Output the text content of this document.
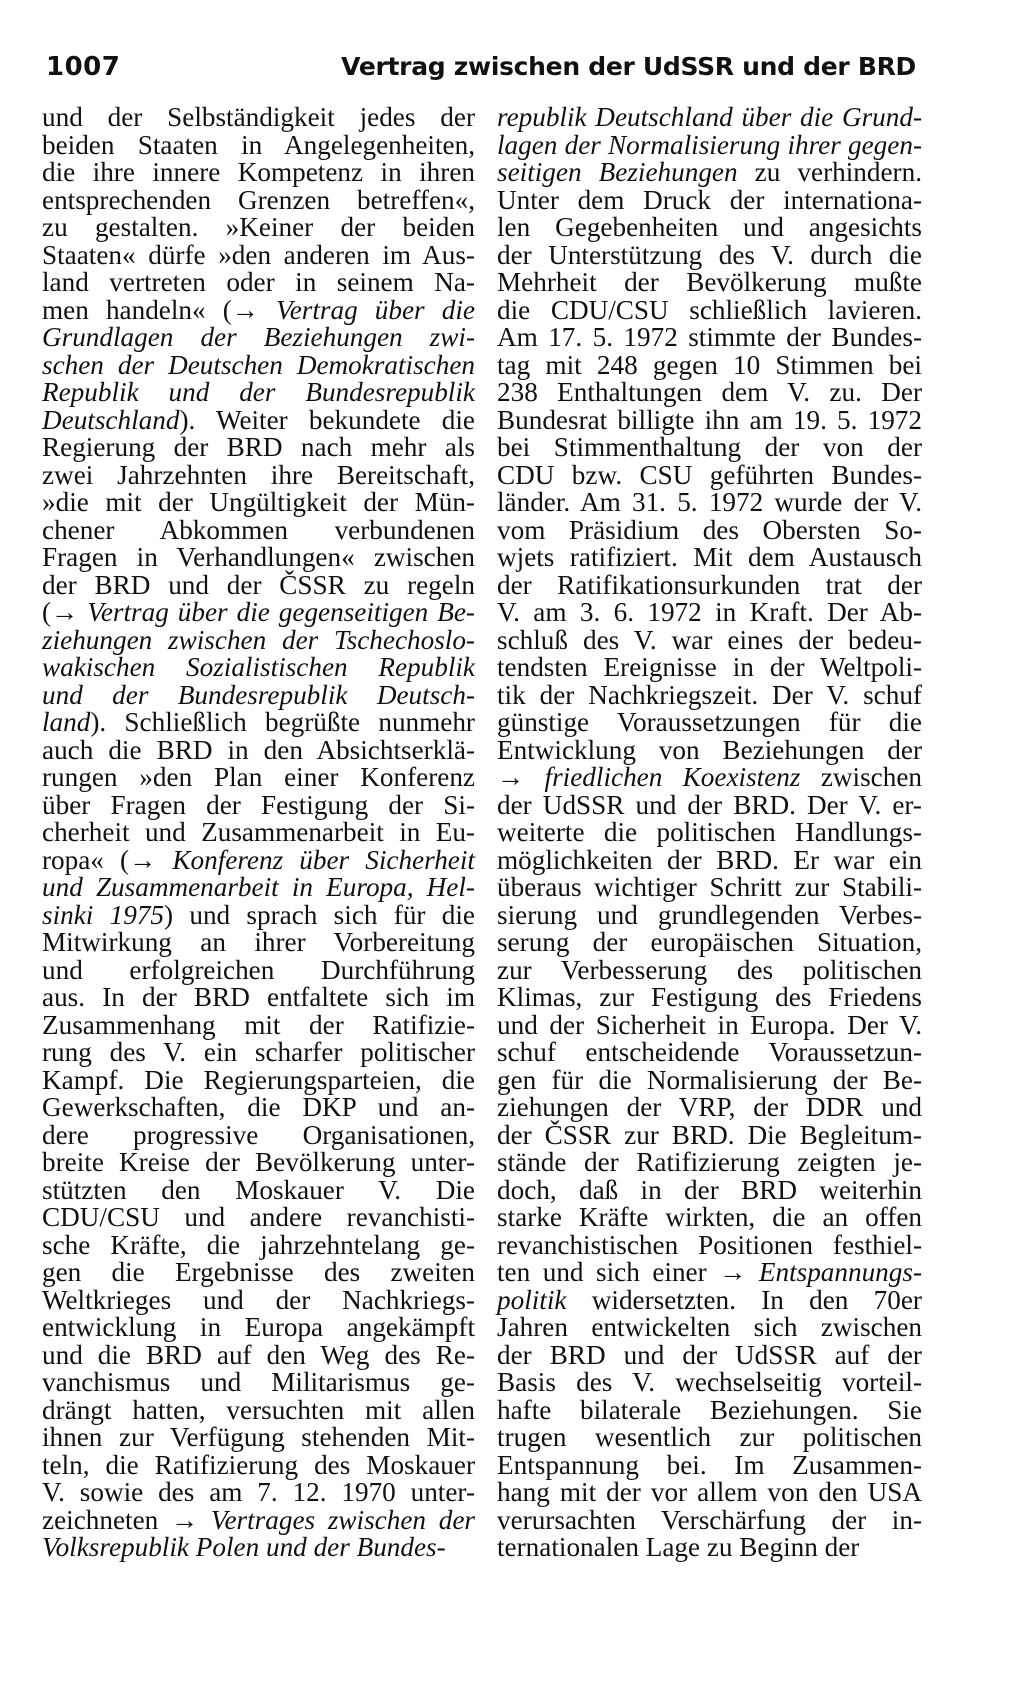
1007	Vertrag zwischen der UdSSR und der BRD
und der Selbständigkeit jedes der
beiden Staaten in Angelegenheiten,
die ihre innere Kompetenz in ihren
entsprechenden Grenzen betreffen«,
zu gestalten. »Keiner der beiden
Staaten« dürfe »den anderen im Aus-
land vertreten oder in seinem Na-
men handeln« (→ Vertrag über die
Grundlagen der Beziehungen zwi-
schen der Deutschen Demokratischen
Republik und der Bundesrepublik
Deutschland). Weiter bekundete die
Regierung der BRD nach mehr als
zwei Jahrzehnten ihre Bereitschaft,
»die mit der Ungültigkeit der Mün-
chener Abkommen verbundenen
Fragen in Verhandlungen« zwischen
der BRD und der ČSSR zu regeln
(→ Vertrag über die gegenseitigen Be-
ziehungen zwischen der Tschechoslo-
wakischen Sozialistischen Republik
und der Bundesrepublik Deutsch-
land). Schließlich begrüßte nunmehr
auch die BRD in den Absichtserklä-
rungen »den Plan einer Konferenz
über Fragen der Festigung der Si-
cherheit und Zusammenarbeit in Eu-
ropa« (→ Konferenz über Sicherheit
und Zusammenarbeit in Europa, Hel-
sinki 1975) und sprach sich für die
Mitwirkung an ihrer Vorbereitung
und erfolgreichen Durchführung
aus. In der BRD entfaltete sich im
Zusammenhang mit der Ratifizie-
rung des V. ein scharfer politischer
Kampf. Die Regierungsparteien, die
Gewerkschaften, die DKP und an-
dere progressive Organisationen,
breite Kreise der Bevölkerung unter-
stützten den Moskauer V. Die
CDU/CSU und andere revanchisti-
sche Kräfte, die jahrzehntelang ge-
gen die Ergebnisse des zweiten
Weltkrieges und der Nachkriegs-
entwicklung in Europa angekämpft
und die BRD auf den Weg des Re-
vanchismus und Militarismus ge-
drängt hatten, versuchten mit allen
ihnen zur Verfügung stehenden Mit-
teln, die Ratifizierung des Moskauer
V. sowie des am 7. 12. 1970 unter-
zeichneten → Vertrages zwischen der
Volksrepublik Polen und der Bundes-
republik Deutschland über die Grund-
lagen der Normalisierung ihrer gegen-
seitigen Beziehungen zu verhindern.
Unter dem Druck der internationa-
len Gegebenheiten und angesichts
der Unterstützung des V. durch die
Mehrheit der Bevölkerung mußte
die CDU/CSU schließlich lavieren.
Am 17. 5. 1972 stimmte der Bundes-
tag mit 248 gegen 10 Stimmen bei
238 Enthaltungen dem V. zu. Der
Bundesrat billigte ihn am 19. 5. 1972
bei Stimmenthaltung der von der
CDU bzw. CSU geführten Bundes-
länder. Am 31. 5. 1972 wurde der V.
vom Präsidium des Obersten So-
wjets ratifiziert. Mit dem Austausch
der Ratifikationsurkunden trat der
V. am 3. 6. 1972 in Kraft. Der Ab-
schluß des V. war eines der bedeu-
tendsten Ereignisse in der Weltpoli-
tik der Nachkriegszeit. Der V. schuf
günstige Voraussetzungen für die
Entwicklung von Beziehungen der
→ friedlichen Koexistenz zwischen
der UdSSR und der BRD. Der V. er-
weiterte die politischen Handlungs-
möglichkeiten der BRD. Er war ein
überaus wichtiger Schritt zur Stabili-
sierung und grundlegenden Verbes-
serung der europäischen Situation,
zur Verbesserung des politischen
Klimas, zur Festigung des Friedens
und der Sicherheit in Europa. Der V.
schuf entscheidende Voraussetzun-
gen für die Normalisierung der Be-
ziehungen der VRP, der DDR und
der ČSSR zur BRD. Die Begleitum-
stände der Ratifizierung zeigten je-
doch, daß in der BRD weiterhin
starke Kräfte wirkten, die an offen
revanchistischen Positionen festhiel-
ten und sich einer → Entspannungs-
politik widersetzten. In den 70er
Jahren entwickelten sich zwischen
der BRD und der UdSSR auf der
Basis des V. wechselseitig vorteil-
hafte bilaterale Beziehungen. Sie
trugen wesentlich zur politischen
Entspannung bei. Im Zusammen-
hang mit der vor allem von den USA
verursachten Verschärfung der in-
ternationalen Lage zu Beginn der
